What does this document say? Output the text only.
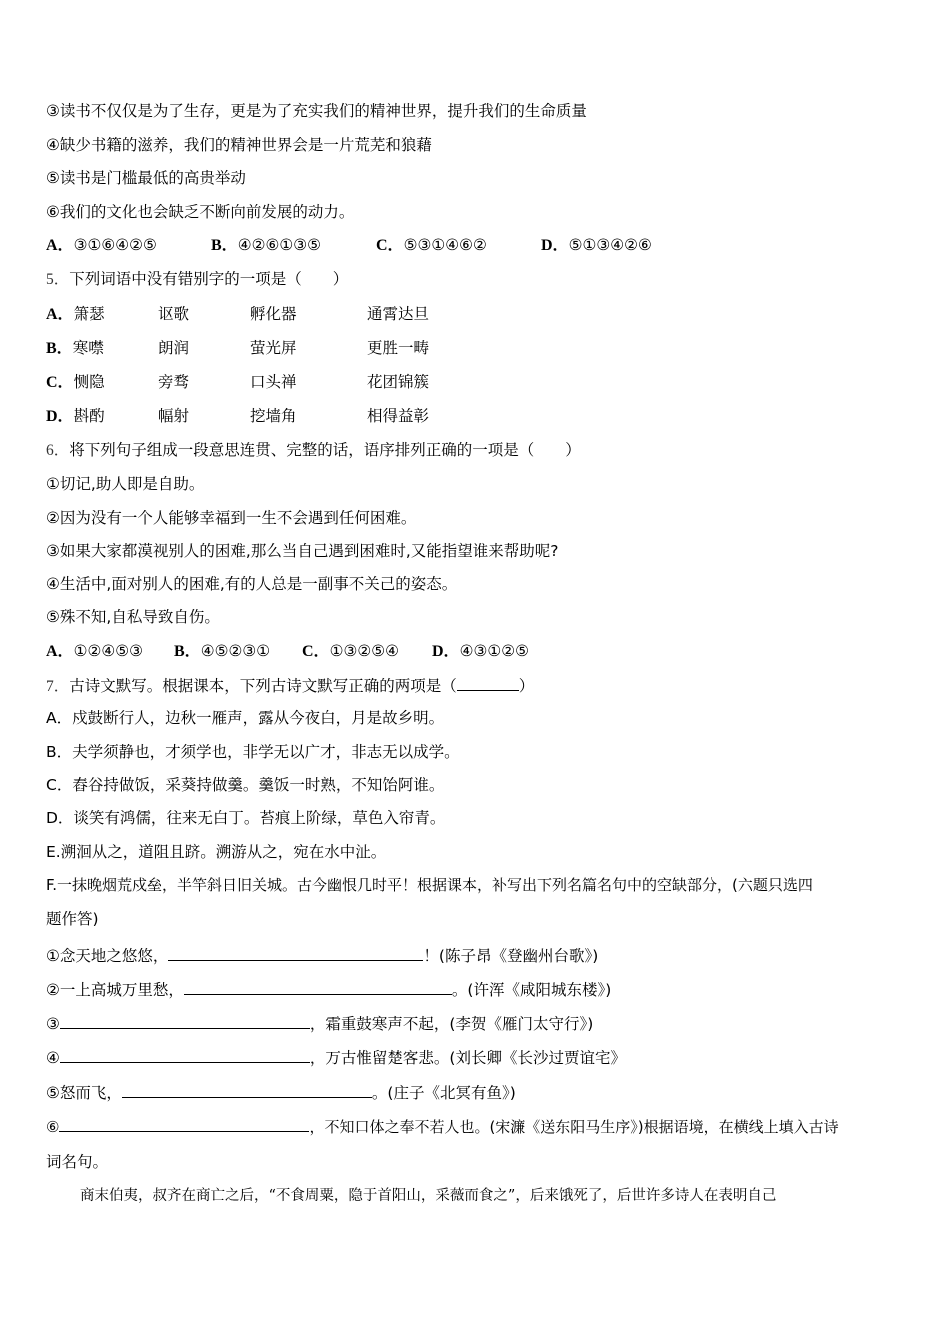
③读书不仅仅是为了生存，更是为了充实我们的精神世界，提升我们的生命质量
④缺少书籍的滋养，我们的精神世界会是一片荒芜和狼藉
⑤读书是门槛最低的高贵举动
⑥我们的文化也会缺乏不断向前发展的动力。
A．③①⑥④②⑤	B．④②⑥①③⑤	C．⑤③①④⑥②	D．⑤①③④②⑥
5．下列词语中没有错别字的一项是（　　）
A．箫瑟	讴歌	孵化器	通霄达旦
B．寒噤	朗润	萤光屏	更胜一畴
C．恻隐	旁骛	口头禅	花团锦簇
D．斟酌	幅射	挖墙角	相得益彰
6．将下列句子组成一段意思连贯、完整的话，语序排列正确的一项是（　　）
①切记,助人即是自助。
②因为没有一个人能够幸福到一生不会遇到任何困难。
③如果大家都漠视别人的困难,那么当自己遇到困难时,又能指望谁来帮助呢?
④生活中,面对别人的困难,有的人总是一副事不关己的姿态。
⑤殊不知,自私导致自伤。
A．①②④⑤③ B．④⑤②③① C．①③②⑤④ D．④③①②⑤
7．古诗文默写。根据课本，下列古诗文默写正确的两项是（	）
A．戍鼓断行人，边秋一雁声，露从今夜白，月是故乡明。
B．夫学须静也，才须学也，非学无以广才，非志无以成学。
C．舂谷持做饭，采葵持做羹。羹饭一时熟，不知饴阿谁。
D．谈笑有鸿儒，往来无白丁。苔痕上阶绿，草色入帘青。
E.溯洄从之，道阻且跻。溯游从之，宛在水中沚。
F.一抹晚烟荒戍垒，半竿斜日旧关城。古今幽恨几时平！根据课本，补写出下列名篇名句中的空缺部分，(六题只选四
题作答)
①念天地之悠悠，	！(陈子昂《登幽州台歌》)
②一上高城万里愁，	。(许浑《咸阳城东楼》)
③	，霜重鼓寒声不起，(李贺《雁门太守行》)
④	，万古惟留楚客悲。(刘长卿《长沙过贾谊宅》
⑤怒而飞，	。(庄子《北冥有鱼》)
⑥	，不知口体之奉不若人也。(宋濂《送东阳马生序》)根据语境，在横线上填入古诗
词名句。
商末伯夷，叔齐在商亡之后，“不食周粟，隐于首阳山，采薇而食之”，后来饿死了，后世许多诗人在表明自己
